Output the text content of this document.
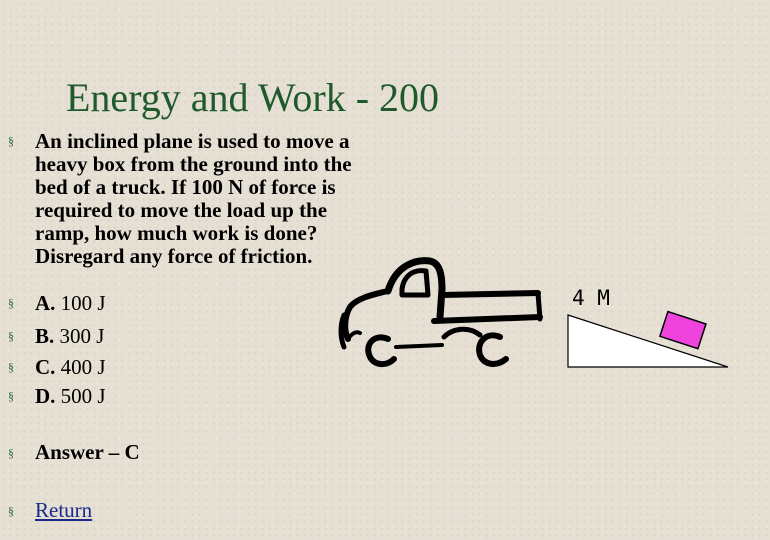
Energy and Work - 200
§ An inclined plane is used to move a heavy box from the ground into the bed of a truck. If 100 N of force is required to move the load up the ramp, how much work is done? Disregard any force of friction.
§ A. 100 J
§ B. 300 J
§ C. 400 J
§ D. 500 J
§ Answer – C
§ Return
4 M
